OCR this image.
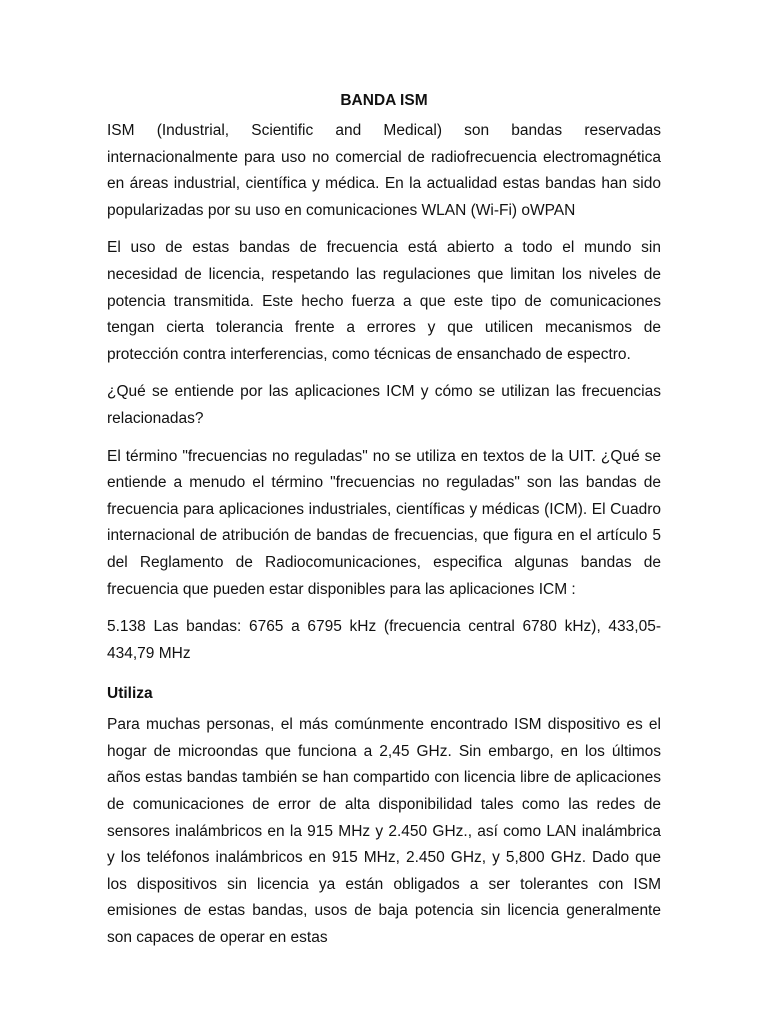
BANDA ISM

ISM (Industrial, Scientific and Medical) son bandas reservadas internacionalmente para uso no comercial de radiofrecuencia electromagnética en áreas industrial, científica y médica. En la actualidad estas bandas han sido popularizadas por su uso en comunicaciones WLAN (Wi-Fi) oWPAN

El uso de estas bandas de frecuencia está abierto a todo el mundo sin necesidad de licencia, respetando las regulaciones que limitan los niveles de potencia transmitida. Este hecho fuerza a que este tipo de comunicaciones tengan cierta tolerancia frente a errores y que utilicen mecanismos de protección contra interferencias, como técnicas de ensanchado de espectro.

¿Qué se entiende por las aplicaciones ICM y cómo se utilizan las frecuencias relacionadas?

El término "frecuencias no reguladas" no se utiliza en textos de la UIT. ¿Qué se entiende a menudo el término "frecuencias no reguladas" son las bandas de frecuencia para aplicaciones industriales, científicas y médicas (ICM). El Cuadro internacional de atribución de bandas de frecuencias, que figura en el artículo 5 del Reglamento de Radiocomunicaciones, especifica algunas bandas de frecuencia que pueden estar disponibles para las aplicaciones ICM :

5.138 Las bandas: 6765 a 6795 kHz (frecuencia central 6780 kHz), 433,05-434,79 MHz

Utiliza

Para muchas personas, el más comúnmente encontrado ISM dispositivo es el hogar de microondas que funciona a 2,45 GHz. Sin embargo, en los últimos años estas bandas también se han compartido con licencia libre de aplicaciones de comunicaciones de error de alta disponibilidad tales como las redes de sensores inalámbricos en la 915 MHz y 2.450 GHz., así como LAN inalámbrica y los teléfonos inalámbricos en 915 MHz, 2.450 GHz, y 5,800 GHz. Dado que los dispositivos sin licencia ya están obligados a ser tolerantes con ISM emisiones de estas bandas, usos de baja potencia sin licencia generalmente son capaces de operar en estas
